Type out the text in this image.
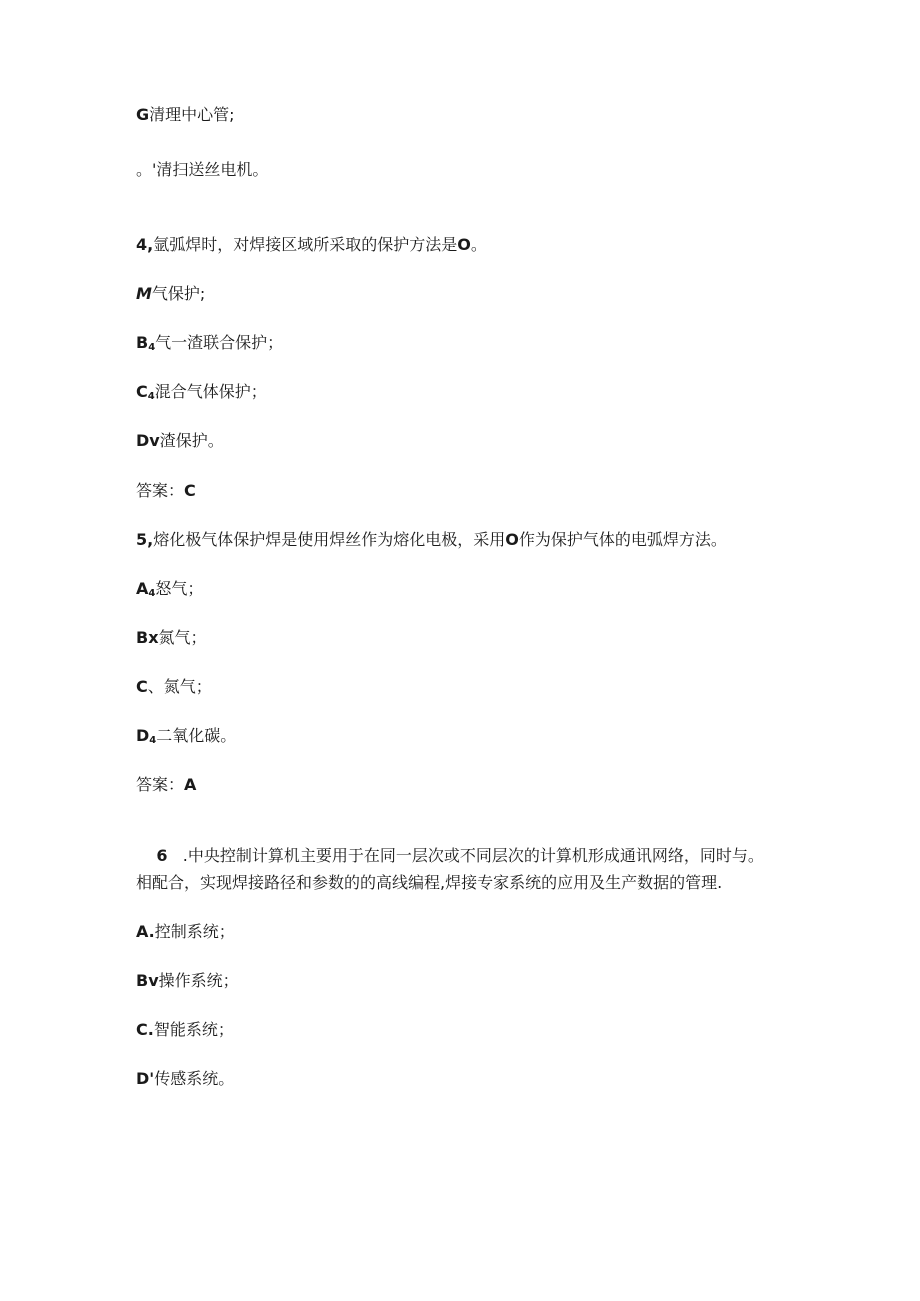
G清理中心管;
。'清扫送丝电机。
4,氩弧焊时，对焊接区域所采取的保护方法是O。
M气保护;
$B_4$气一渣联合保护；
$C_4$混合气体保护；
Dv渣保护。
答案：C
5,熔化极气体保护焊是使用焊丝作为熔化电极，采用O作为保护气体的电弧焊方法。
$A_4$怒气；
Bx氮气；
C、氮气；
$D_4$二氧化碳。
答案：A

6   .中央控制计算机主要用于在同一层次或不同层次的计算机形成通讯网络，同时与。

相配合，实现焊接路径和参数的的高线编程,焊接专家系统的应用及生产数据的管理.
A.控制系统；
Bv操作系统；
C.智能系统；
D'传感系统。
